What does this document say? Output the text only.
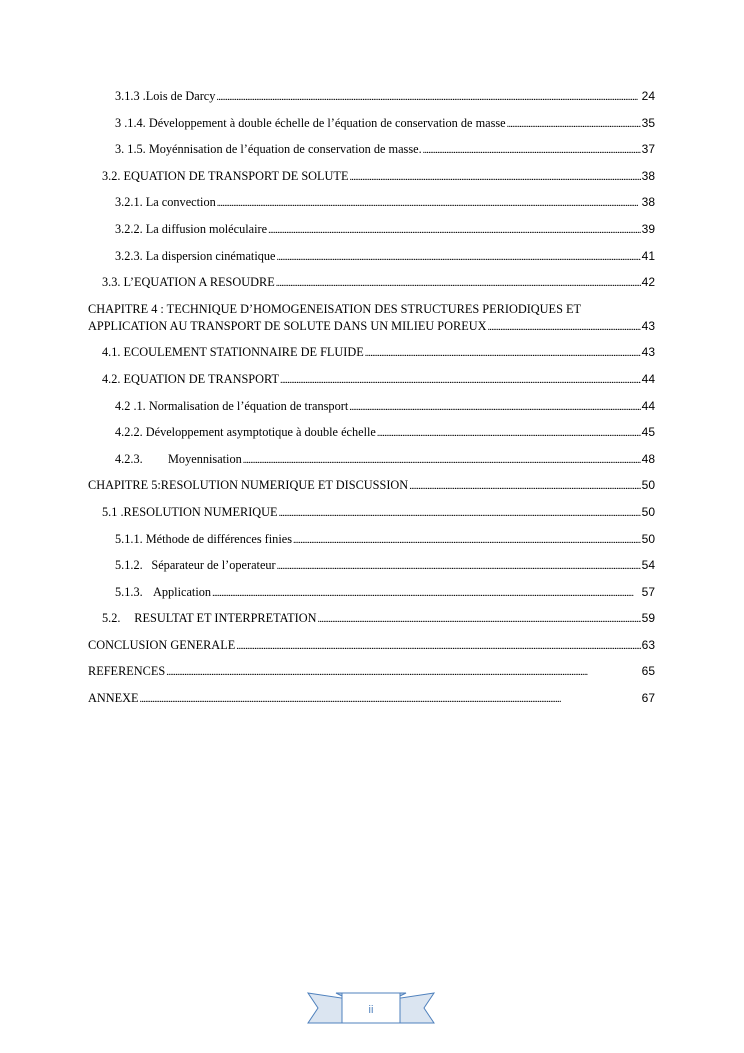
3.1.3 .Lois de Darcy . . .	24
3 .1.4. Développement à double échelle de l’équation de conservation de masse . . .	35
3. 1.5. Moyénnisation de l’équation de conservation de masse. . . .	37
3.2. EQUATION DE TRANSPORT DE SOLUTE . . .	38
3.2.1. La convection . . .	38
3.2.2. La diffusion moléculaire . . .	39
3.2.3. La dispersion cinématique . . .	41
3.3. L’EQUATION A RESOUDRE . . .	42
CHAPITRE 4 : TECHNIQUE D’HOMOGENEISATION DES STRUCTURES PERIODIQUES ET
APPLICATION AU TRANSPORT DE SOLUTE DANS UN MILIEU POREUX . . .	43
4.1. ECOULEMENT STATIONNAIRE DE FLUIDE . . .	43
4.2. EQUATION DE TRANSPORT . . .	44
4.2 .1. Normalisation de l’équation de transport . . .	44
4.2.2. Développement asymptotique à double échelle . . .	45
4.2.3.	Moyennisation . . .	48
CHAPITRE 5:RESOLUTION NUMERIQUE ET DISCUSSION . . .	50
5.1 .RESOLUTION NUMERIQUE . . .	50
5.1.1. Méthode de différences finies . . .	50
5.1.2. Séparateur de l’operateur . . .	54
5.1.3. Application . . .	57
5.2.	RESULTAT ET INTERPRETATION . . .	59
CONCLUSION GENERALE . . .	63
REFERENCES . . .	65
ANNEXE . . .	67
ii
